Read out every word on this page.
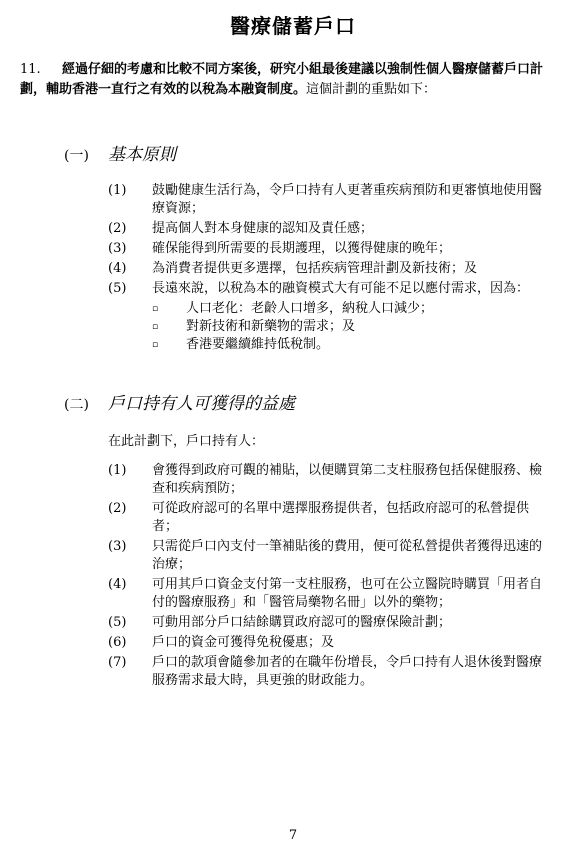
醫療儲蓄戶口
11. 經過仔細的考慮和比較不同方案後，研究小組最後建議以強制性個人醫療儲蓄戶口計劃，輔助香港一直行之有效的以稅為本融資制度。這個計劃的重點如下：
(一) 基本原則
(1) 鼓勵健康生活行為，令戶口持有人更著重疾病預防和更審慎地使用醫療資源；
(2) 提高個人對本身健康的認知及責任感；
(3) 確保能得到所需要的長期護理，以獲得健康的晚年；
(4) 為消費者提供更多選擇，包括疾病管理計劃及新技術；及
(5) 長遠來說，以稅為本的融資模式大有可能不足以應付需求，因為：
▫ 人口老化：老齡人口增多，納稅人口減少；
▫ 對新技術和新藥物的需求；及
▫ 香港要繼續維持低稅制。
(二) 戶口持有人可獲得的益處
在此計劃下，戶口持有人：
(1) 會獲得到政府可觀的補貼，以便購買第二支柱服務包括保健服務、檢查和疾病預防；
(2) 可從政府認可的名單中選擇服務提供者，包括政府認可的私營提供者；
(3) 只需從戶口內支付一筆補貼後的費用，便可從私營提供者獲得迅速的治療；
(4) 可用其戶口資金支付第一支柱服務，也可在公立醫院時購買「用者自付的醫療服務」和「醫管局藥物名冊」以外的藥物；
(5) 可動用部分戶口結餘購買政府認可的醫療保險計劃；
(6) 戶口的資金可獲得免稅優惠；及
(7) 戶口的款項會隨參加者的在職年份增長，令戶口持有人退休後對醫療服務需求最大時，具更強的財政能力。
7
